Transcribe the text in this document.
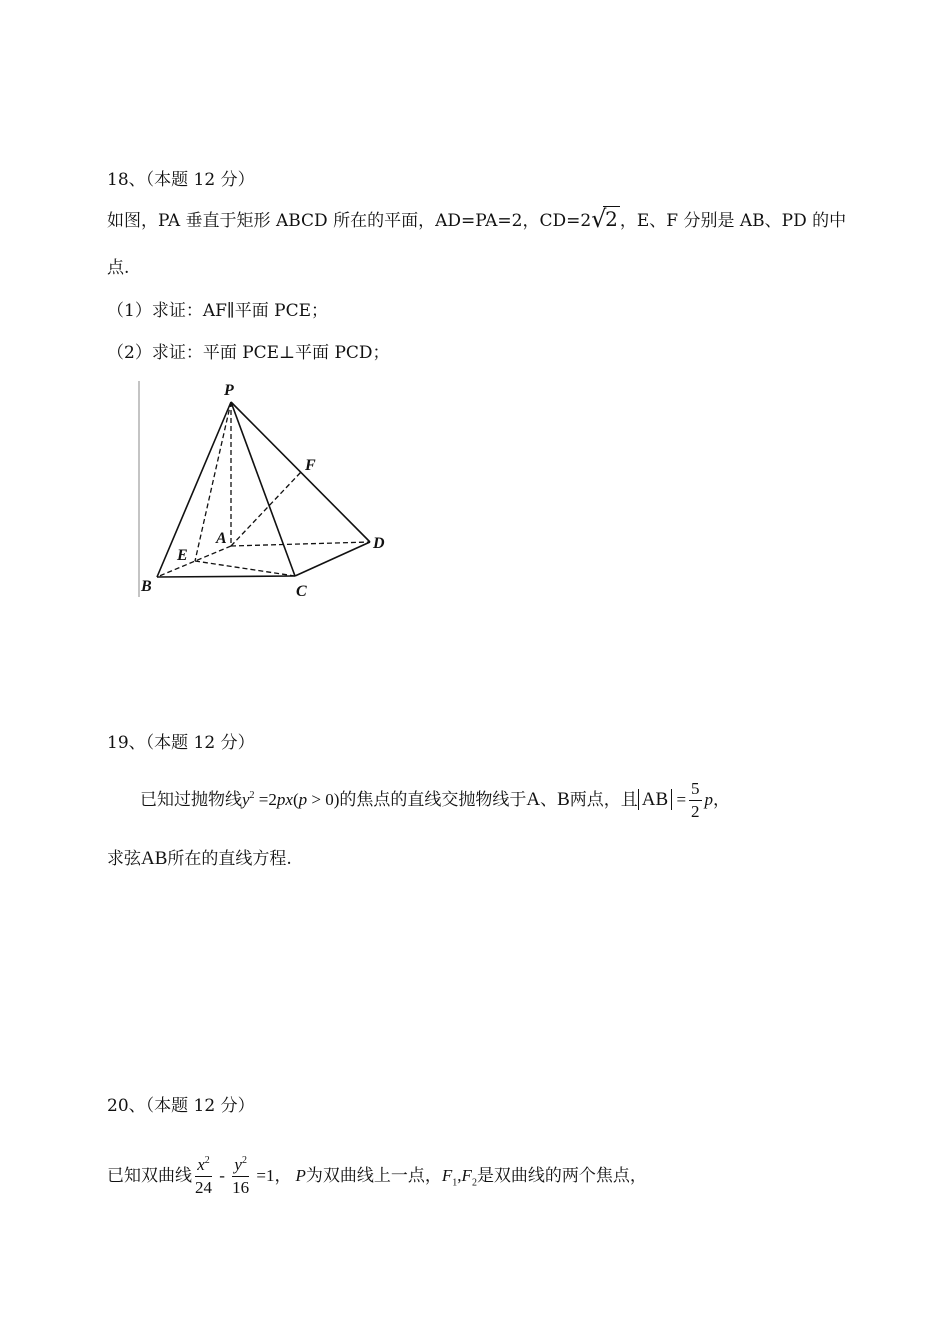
18、（本题 12 分）
如图，PA 垂直于矩形 ABCD 所在的平面，AD=PA=2，CD=2 √
2 ，E、F 分别是 AB、PD 的中
点.
（1）求证：AF∥平面 PCE；
（2）求证：平面 PCE⊥平面 PCD；
P
F
A
E
D
B	C
19、（本题 12 分）
已知过抛物线$y^2 =2px(p > 0)$的焦点的直线交抛物线于A、B两点，且 AB = $\frac{5}{2}$ p，
求弦AB所在的直线方程.
20、（本题 12 分）
已知双曲线 $\frac{x^2}{24} - \frac{y^2}{16} =1$， P为双曲线上一点，$F_1,F_2$是双曲线的两个焦点，
